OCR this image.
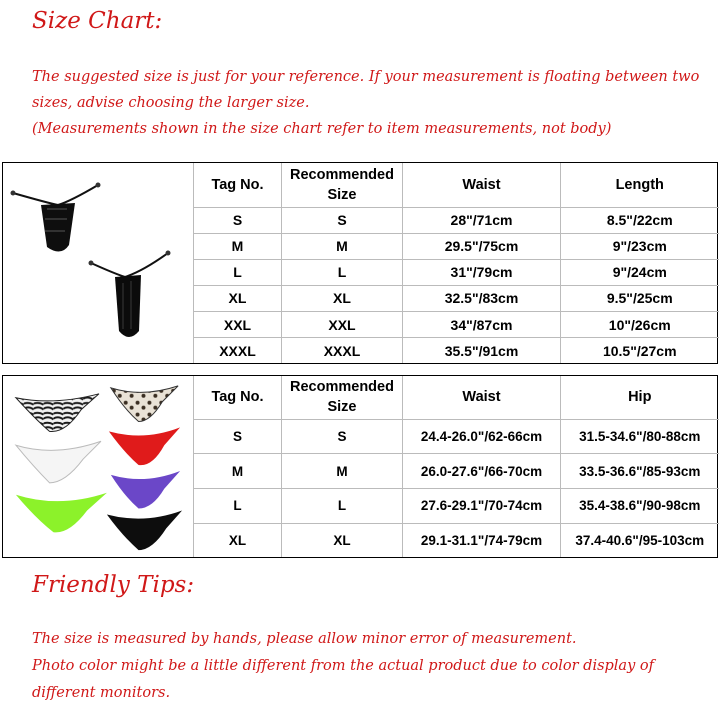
Size Chart:
The suggested size is just for your reference. If your measurement is floating between two sizes, advise choosing the larger size.
(Measurements shown in the size chart refer to item measurements, not body)
Tag No.	Recommended Size	Waist	Length
S	S	28"/71cm	8.5"/22cm
M	M	29.5"/75cm	9"/23cm
L	L	31"/79cm	9"/24cm
XL	XL	32.5"/83cm	9.5"/25cm
XXL	XXL	34"/87cm	10"/26cm
XXXL	XXXL	35.5"/91cm	10.5"/27cm
Tag No.	Recommended Size	Waist	Hip
S	S	24.4-26.0"/62-66cm	31.5-34.6"/80-88cm
M	M	26.0-27.6"/66-70cm	33.5-36.6"/85-93cm
L	L	27.6-29.1"/70-74cm	35.4-38.6"/90-98cm
XL	XL	29.1-31.1"/74-79cm	37.4-40.6"/95-103cm
Friendly Tips:
The size is measured by hands, please allow minor error of measurement.
Photo color might be a little different from the actual product due to color display of different monitors.
